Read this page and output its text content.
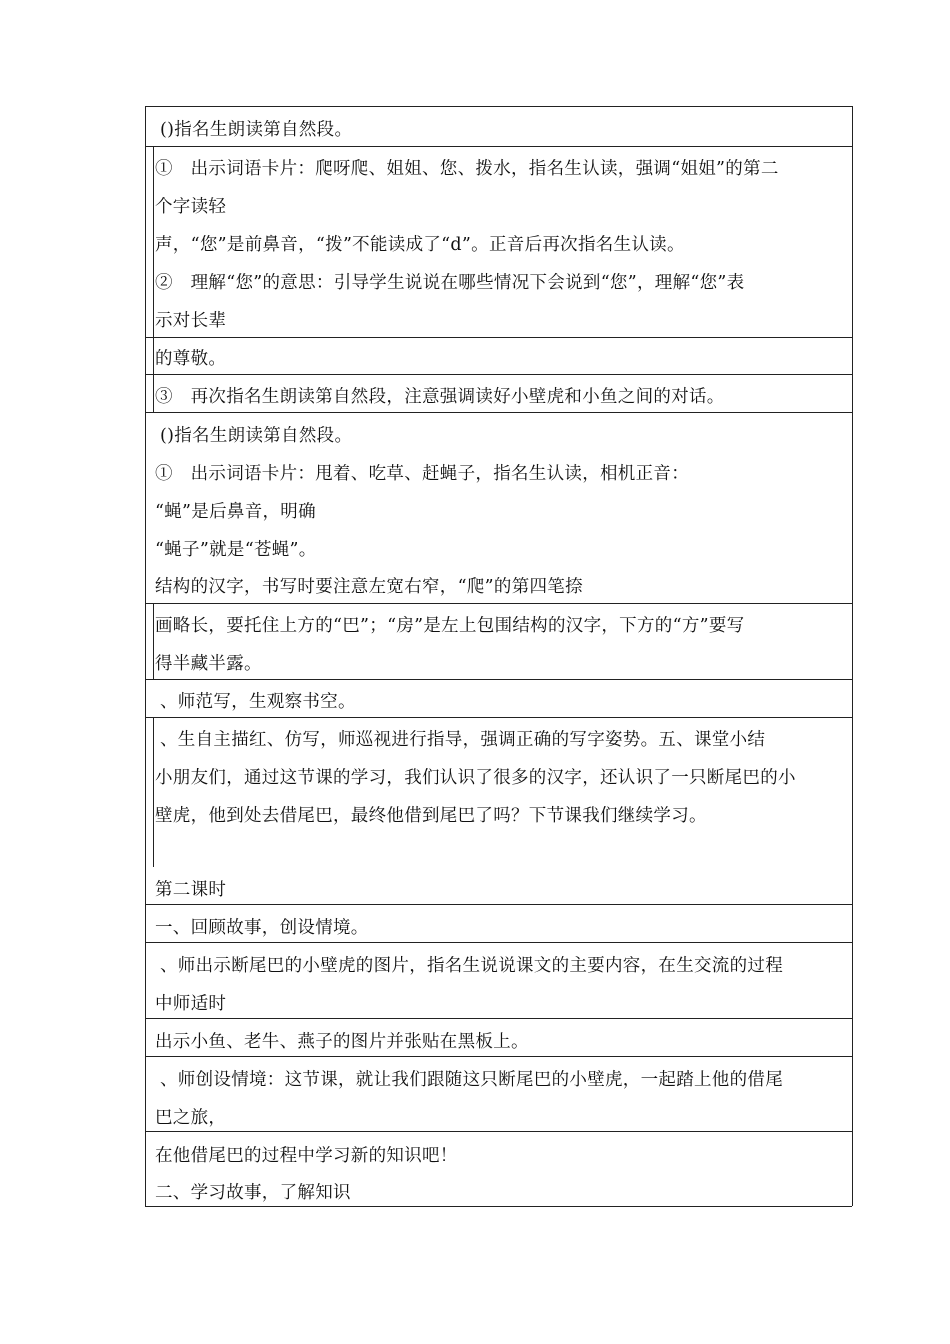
()指名生朗读第自然段。
①　出示词语卡片：爬呀爬、姐姐、您、拨水，指名生认读，强调“姐姐”的第二
个字读轻
声，“您”是前鼻音，“拨”不能读成了“d”。正音后再次指名生认读。
②　理解“您”的意思：引导学生说说在哪些情况下会说到“您”，理解“您”表
示对长辈
的尊敬。
③　再次指名生朗读第自然段，注意强调读好小壁虎和小鱼之间的对话。
()指名生朗读第自然段。
①　出示词语卡片：甩着、吃草、赶蝇子，指名生认读，相机正音：
“蝇”是后鼻音，明确
“蝇子”就是“苍蝇”。
结构的汉字，书写时要注意左宽右窄，“爬”的第四笔捺
画略长，要托住上方的“巴”；“房”是左上包围结构的汉字，下方的“方”要写
得半藏半露。
、师范写，生观察书空。
、生自主描红、仿写，师巡视进行指导，强调正确的写字姿势。五、课堂小结
小朋友们，通过这节课的学习，我们认识了很多的汉字，还认识了一只断尾巴的小
壁虎，他到处去借尾巴，最终他借到尾巴了吗？下节课我们继续学习。
第二课时
一、回顾故事，创设情境。
、师出示断尾巴的小壁虎的图片，指名生说说课文的主要内容，在生交流的过程
中师适时
出示小鱼、老牛、燕子的图片并张贴在黑板上。
、师创设情境：这节课，就让我们跟随这只断尾巴的小壁虎，一起踏上他的借尾
巴之旅，
在他借尾巴的过程中学习新的知识吧！
二、学习故事，了解知识
